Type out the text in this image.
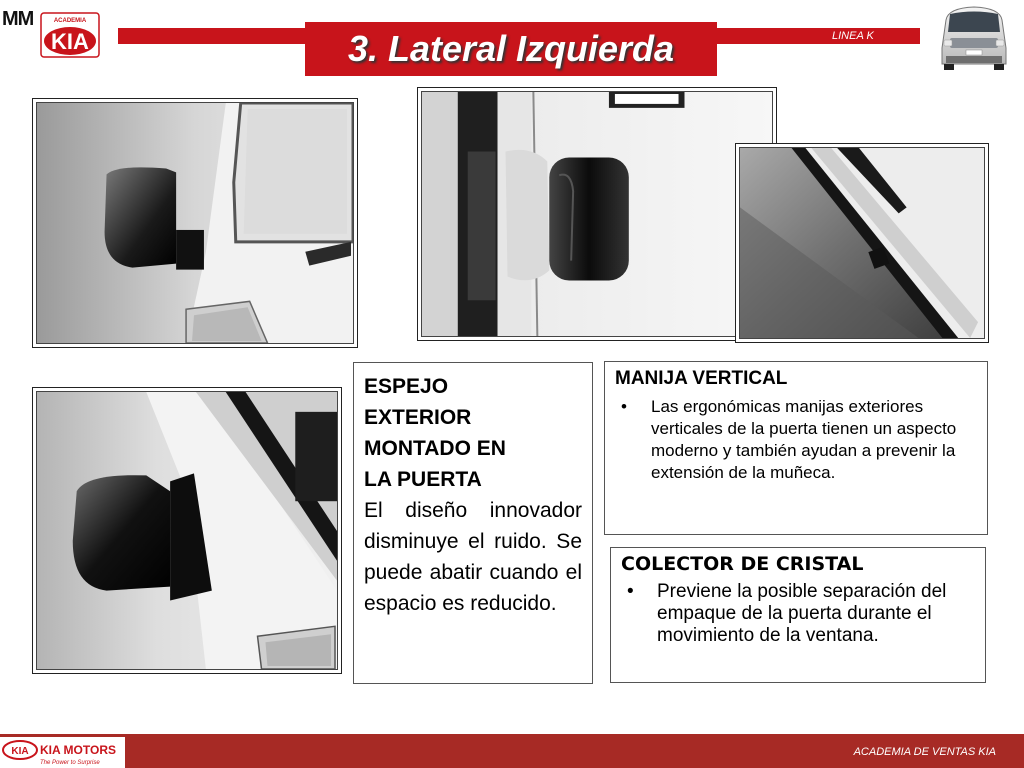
MM	ACADEMIA
KIA	3. Lateral Izquierda	LINEA K
ESPEJO
EXTERIOR
MONTADO EN
LA PUERTA
El diseño innovador disminuye el ruido. Se puede abatir cuando el espacio es reducido.
MANIJA VERTICAL
•	Las ergonómicas manijas exteriores verticales de la puerta tienen un aspecto moderno y también ayudan a prevenir la extensión de la muñeca.
COLECTOR DE CRISTAL
•	Previene la posible separación del empaque de la puerta durante el movimiento de la ventana.
KIA KIA MOTORS
The Power to Surprise
ACADEMIA DE VENTAS KIA
